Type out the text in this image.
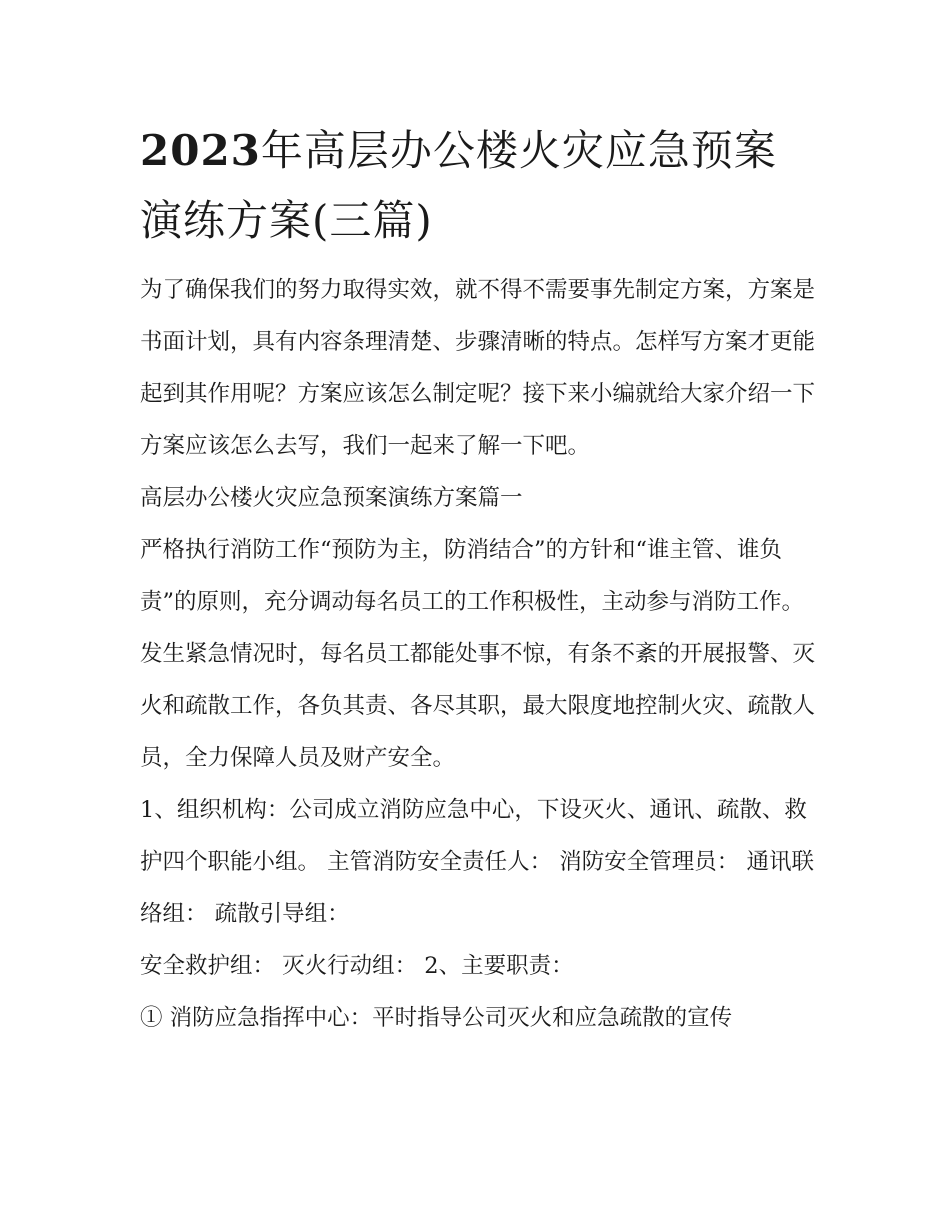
2023年高层办公楼火灾应急预案演练方案(三篇)

为了确保我们的努力取得实效，就不得不需要事先制定方案，方案是书面计划，具有内容条理清楚、步骤清晰的特点。怎样写方案才更能起到其作用呢？方案应该怎么制定呢？接下来小编就给大家介绍一下方案应该怎么去写，我们一起来了解一下吧。

高层办公楼火灾应急预案演练方案篇一

严格执行消防工作“预防为主，防消结合”的方针和“谁主管、谁负责”的原则，充分调动每名员工的工作积极性，主动参与消防工作。发生紧急情况时，每名员工都能处事不惊，有条不紊的开展报警、灭火和疏散工作，各负其责、各尽其职，最大限度地控制火灾、疏散人员，全力保障人员及财产安全。

1、组织机构：公司成立消防应急中心，下设灭火、通讯、疏散、救护四个职能小组。 主管消防安全责任人： 消防安全管理员： 通讯联络组： 疏散引导组：

安全救护组： 灭火行动组： 2、主要职责：

① 消防应急指挥中心：平时指导公司灭火和应急疏散的宣传
